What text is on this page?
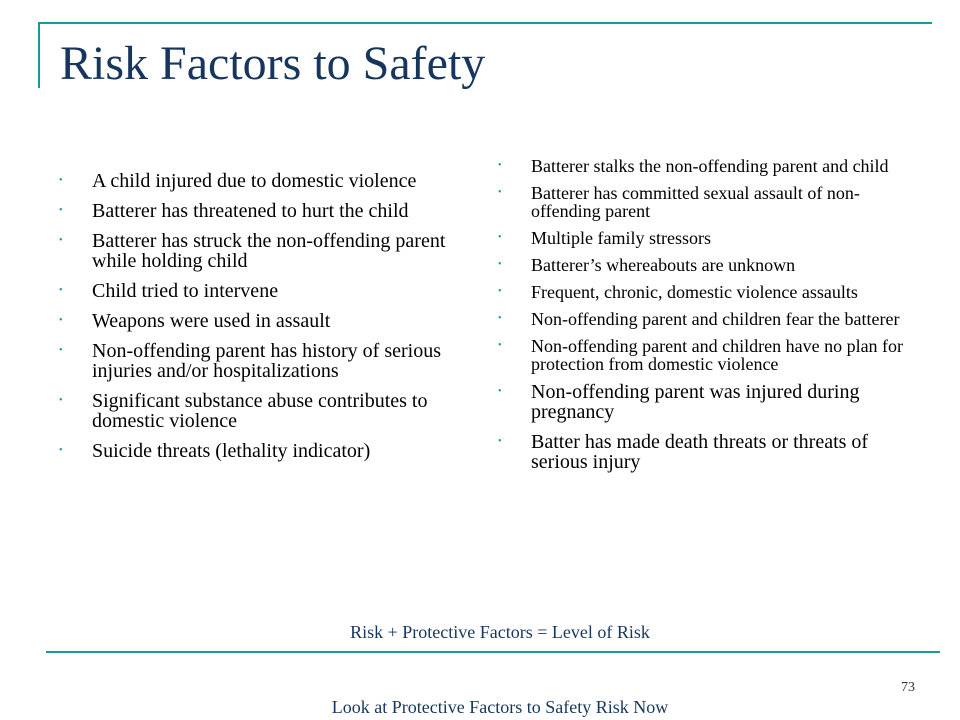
Risk Factors to Safety
• A child injured due to domestic violence
• Batterer has threatened to hurt the child
• Batterer has struck the non-offending parent while holding child
• Child tried to intervene
• Weapons were used in assault
• Non-offending parent has history of serious injuries and/or hospitalizations
• Significant substance abuse contributes to domestic violence
• Suicide threats (lethality indicator)
• Batterer stalks the non-offending parent and child
• Batterer has committed sexual assault of non-offending parent
• Multiple family stressors
• Batterer’s whereabouts are unknown
• Frequent, chronic, domestic violence assaults
• Non-offending parent and children fear the batterer
• Non-offending parent and children have no plan for protection from domestic violence
• Non-offending parent was injured during pregnancy
• Batter has made death threats or threats of serious injury
Risk + Protective Factors = Level of Risk
73
Look at Protective Factors to Safety Risk Now
